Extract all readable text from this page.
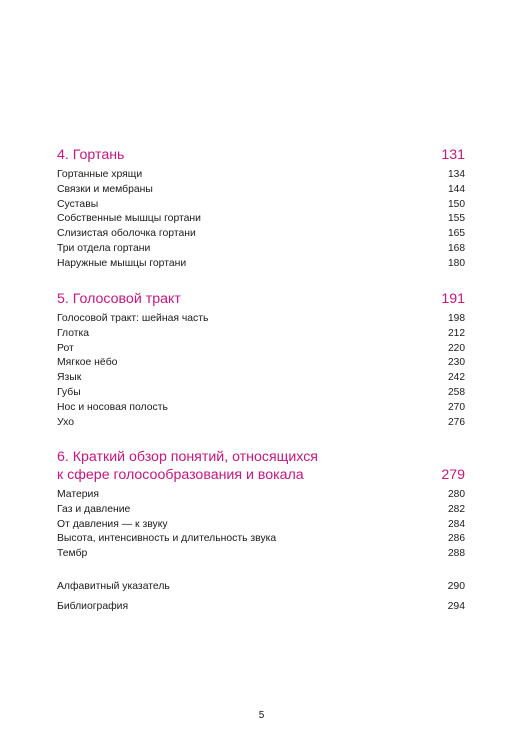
4. Гортань	131
Гортанные хрящи	134
Связки и мембраны	144
Суставы	150
Собственные мышцы гортани	155
Слизистая оболочка гортани	165
Три отдела гортани	168
Наружные мышцы гортани	180
5. Голосовой тракт	191
Голосовой тракт: шейная часть	198
Глотка	212
Рот	220
Мягкое нёбо	230
Язык	242
Губы	258
Нос и носовая полость	270
Ухо	276
6. Краткий обзор понятий, относящихся
к сфере голосообразования и вокала	279
Материя	280
Газ и давление	282
От давления — к звуку	284
Высота, интенсивность и длительность звука	286
Тембр	288
Алфавитный указатель	290
Библиография	294
5
